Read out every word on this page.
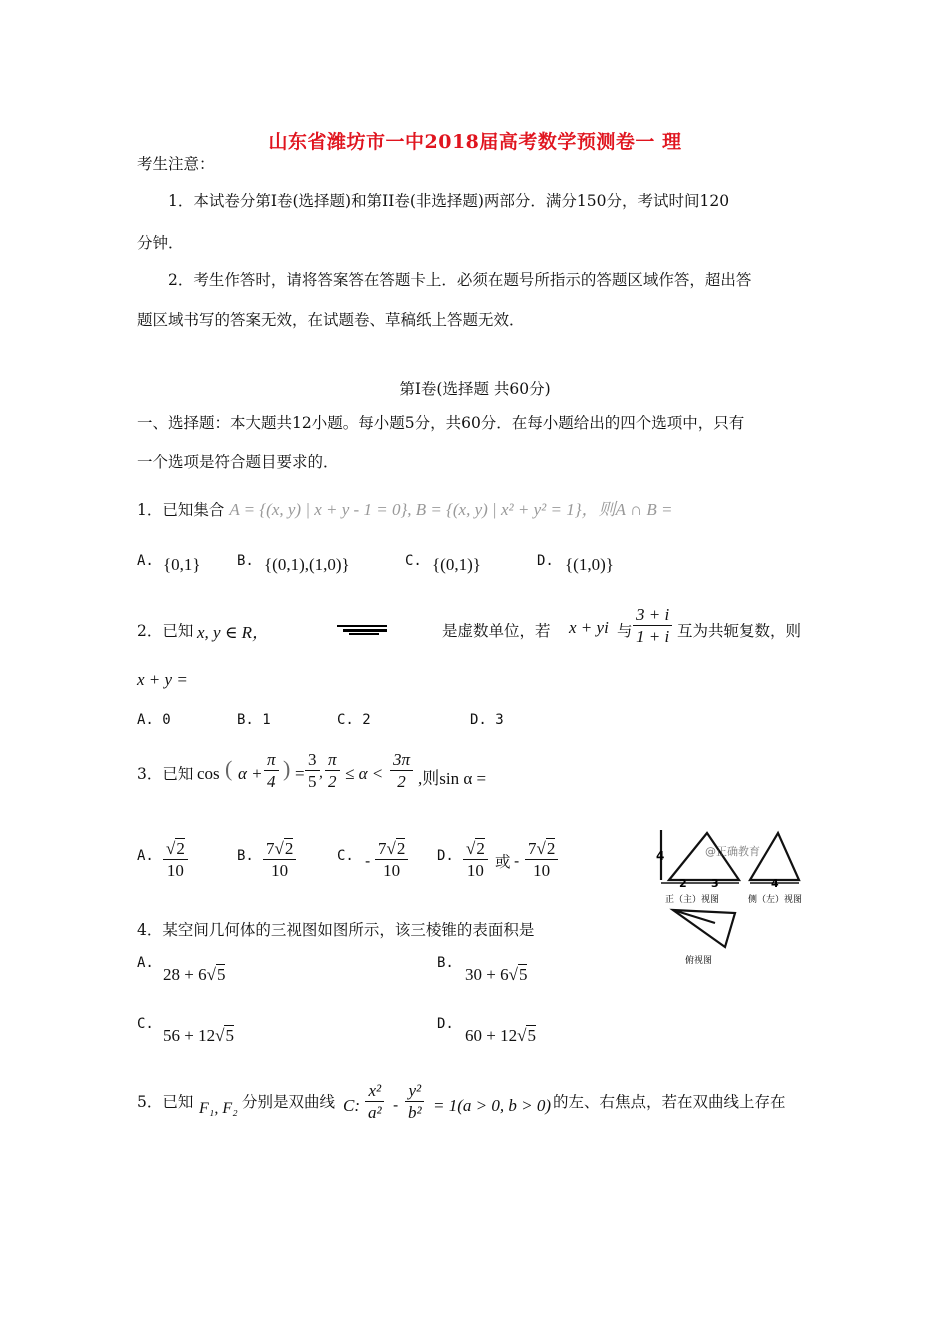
山东省潍坊市一中2018届高考数学预测卷一 理
考生注意：
1．本试卷分第Ⅰ卷(选择题)和第II卷(非选择题)两部分．满分150分，考试时间120
分钟．
2．考生作答时，请将答案答在答题卡上．必须在题号所指示的答题区域作答，超出答
题区域书写的答案无效，在试题卷、草稿纸上答题无效．
第Ⅰ卷(选择题 共60分)
一、选择题：本大题共12小题。每小题5分，共60分．在每小题给出的四个选项中，只有
一个选项是符合题目要求的．
1．已知集合 A = {(x, y) | x + y - 1 = 0}, B = {(x, y) | x² + y² = 1}，则A ∩ B =
A. {0,1}	B. {(0,1),(1,0)}	C. {(0,1)}	D. {(1,0)}
2．已知 x, y ∈ R，	是虚数单位，若 x + yi 与 $\frac{3 + i}{1 + i}$ 互为共轭复数，则
x + y =
A. 0	B. 1	C. 2	D. 3
3．已知 cos ( $\alpha + \frac{\pi}{4}$ ) = $\frac{3}{5}$ , $\frac{\pi}{2} \le \alpha < \frac{3\pi}{2}$ ,则sin α =
A. $\frac{√2}{10}$	B. $\frac{7√2}{10}$	C. - $\frac{7√2}{10} D$. $\frac{√2}{10}$ 或 - $\frac{7√2}{10}$	4
2 3
正（主）视图
4
侧（左）视图
俯视图
@正确教育
4．某空间几何体的三视图如图所示，该三棱锥的表面积是
A.
28 + 6√5
B.
30 + 6√5
C.
56 + 12√5
D.
60 + 12√5
5．已知 F₁, F₂ 分别是双曲线 C: $\frac{\text{x²}}{\text{a²}} - \frac{\text{y²}}{\text{b²}} = 1(a > 0$, b > 0) 的左、右焦点，若在双曲线上存在
